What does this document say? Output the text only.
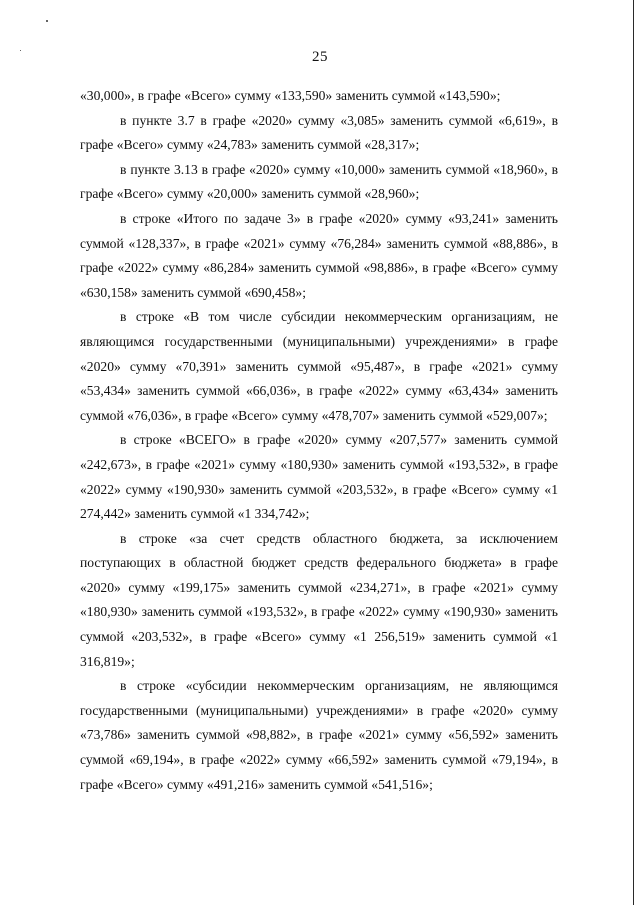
25

«30,000», в графе «Всего» сумму «133,590» заменить суммой «143,590»;

в пункте 3.7 в графе «2020» сумму «3,085» заменить суммой «6,619», в графе «Всего» сумму «24,783» заменить суммой «28,317»;

в пункте 3.13 в графе «2020» сумму «10,000» заменить суммой «18,960», в графе «Всего» сумму «20,000» заменить суммой «28,960»;

в строке «Итого по задаче 3» в графе «2020» сумму «93,241» заменить суммой «128,337», в графе «2021» сумму «76,284» заменить суммой «88,886», в графе «2022» сумму «86,284» заменить суммой «98,886», в графе «Всего» сумму «630,158» заменить суммой «690,458»;

в строке «В том числе субсидии некоммерческим организациям, не являющимся государственными (муниципальными) учреждениями» в графе «2020» сумму «70,391» заменить суммой «95,487», в графе «2021» сумму «53,434» заменить суммой «66,036», в графе «2022» сумму «63,434» заменить суммой «76,036», в графе «Всего» сумму «478,707» заменить суммой «529,007»;

в строке «ВСЕГО» в графе «2020» сумму «207,577» заменить суммой «242,673», в графе «2021» сумму «180,930» заменить суммой «193,532», в графе «2022» сумму «190,930» заменить суммой «203,532», в графе «Всего» сумму «1 274,442» заменить суммой «1 334,742»;

в строке «за счет средств областного бюджета, за исключением поступающих в областной бюджет средств федерального бюджета» в графе «2020» сумму «199,175» заменить суммой «234,271», в графе «2021» сумму «180,930» заменить суммой «193,532», в графе «2022» сумму «190,930» заменить суммой «203,532», в графе «Всего» сумму «1 256,519» заменить суммой «1 316,819»;

в строке «субсидии некоммерческим организациям, не являющимся государственными (муниципальными) учреждениями» в графе «2020» сумму «73,786» заменить суммой «98,882», в графе «2021» сумму «56,592» заменить суммой «69,194», в графе «2022» сумму «66,592» заменить суммой «79,194», в графе «Всего» сумму «491,216» заменить суммой «541,516»;
